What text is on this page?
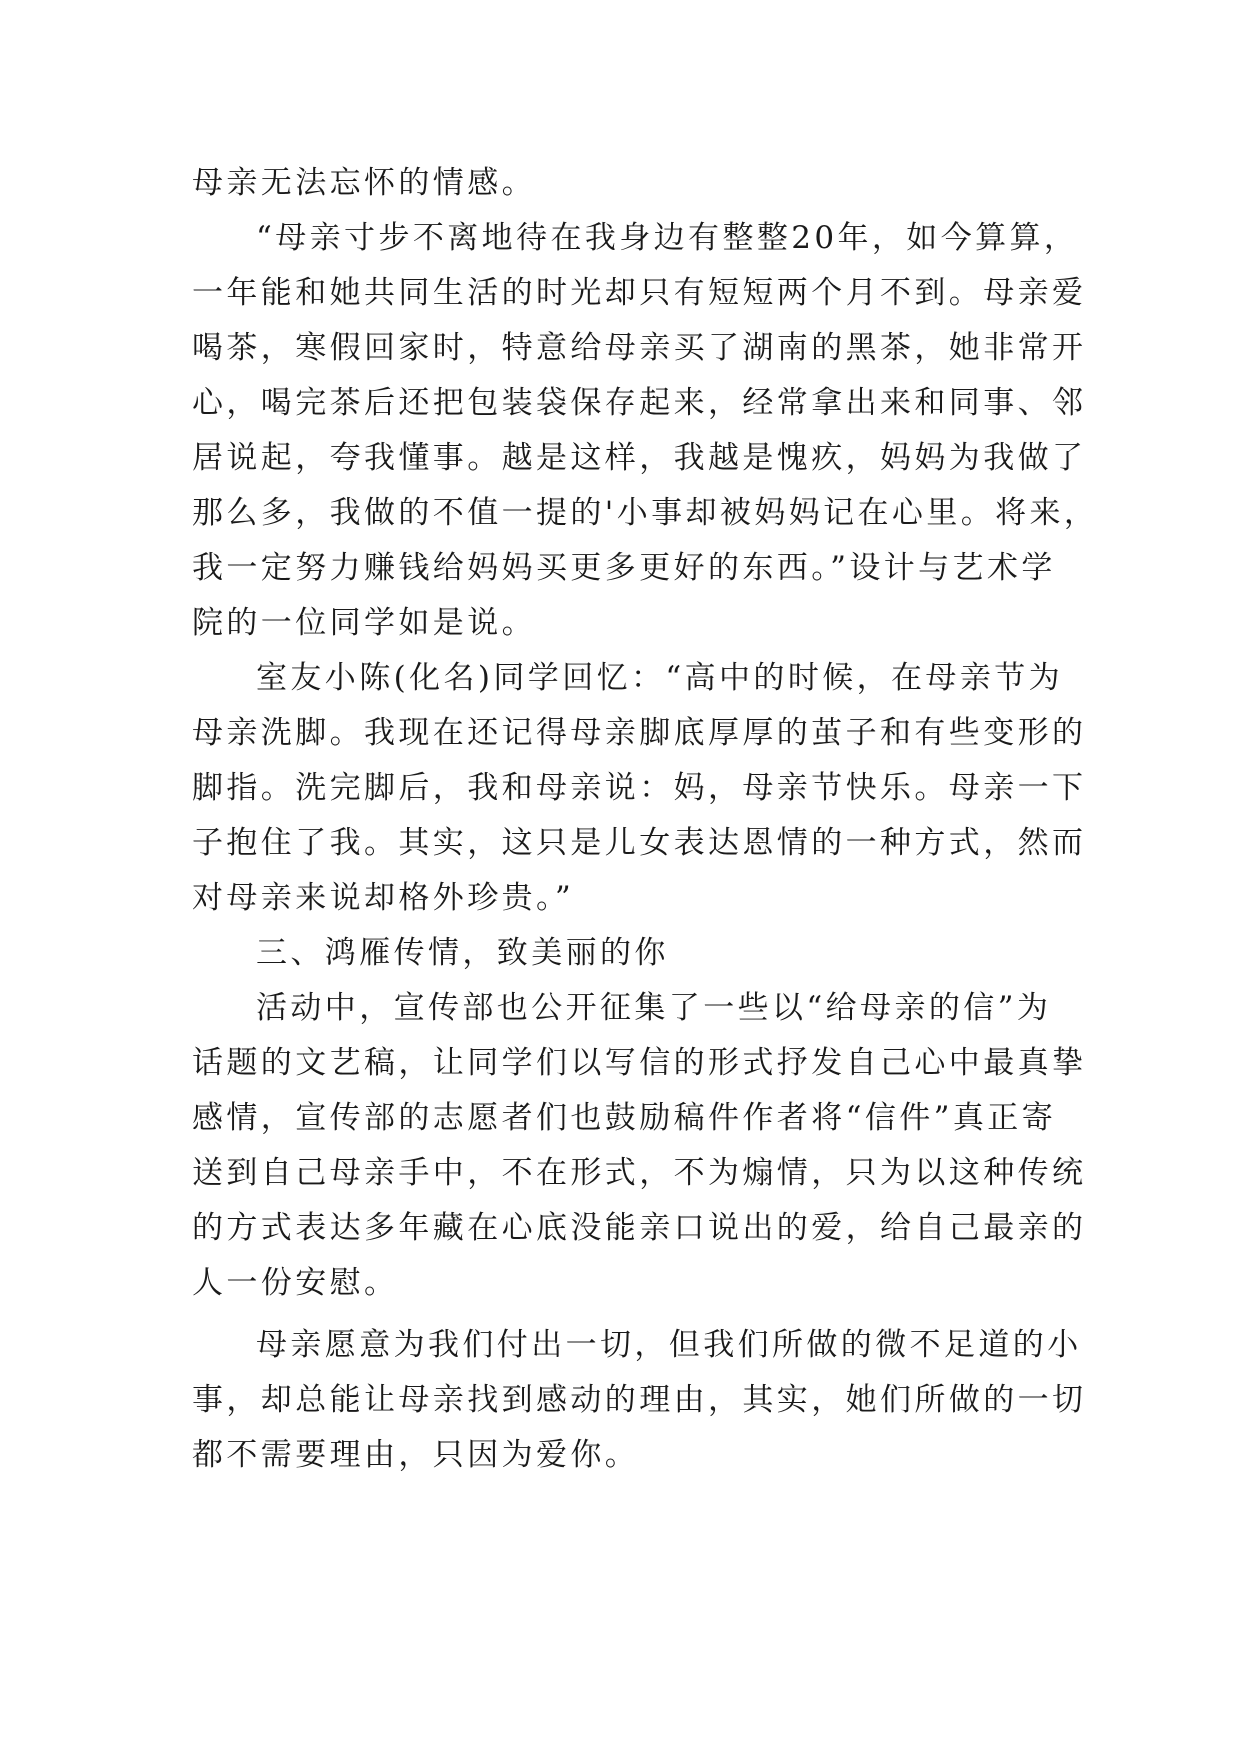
母亲无法忘怀的情感。
“母亲寸步不离地待在我身边有整整20年，如今算算，
一年能和她共同生活的时光却只有短短两个月不到。母亲爱
喝茶，寒假回家时，特意给母亲买了湖南的黑茶，她非常开
心，喝完茶后还把包装袋保存起来，经常拿出来和同事、邻
居说起，夸我懂事。越是这样，我越是愧疚，妈妈为我做了
那么多，我做的不值一提的'小事却被妈妈记在心里。将来，
我一定努力赚钱给妈妈买更多更好的东西。”设计与艺术学
院的一位同学如是说。
室友小陈(化名)同学回忆：“高中的时候，在母亲节为
母亲洗脚。我现在还记得母亲脚底厚厚的茧子和有些变形的
脚指。洗完脚后，我和母亲说：妈，母亲节快乐。母亲一下
子抱住了我。其实，这只是儿女表达恩情的一种方式，然而
对母亲来说却格外珍贵。”
三、鸿雁传情，致美丽的你
活动中，宣传部也公开征集了一些以“给母亲的信”为
话题的文艺稿，让同学们以写信的形式抒发自己心中最真挚
感情，宣传部的志愿者们也鼓励稿件作者将“信件”真正寄
送到自己母亲手中，不在形式，不为煽情，只为以这种传统
的方式表达多年藏在心底没能亲口说出的爱，给自己最亲的
人一份安慰。
母亲愿意为我们付出一切，但我们所做的微不足道的小
事，却总能让母亲找到感动的理由，其实，她们所做的一切
都不需要理由，只因为爱你。
